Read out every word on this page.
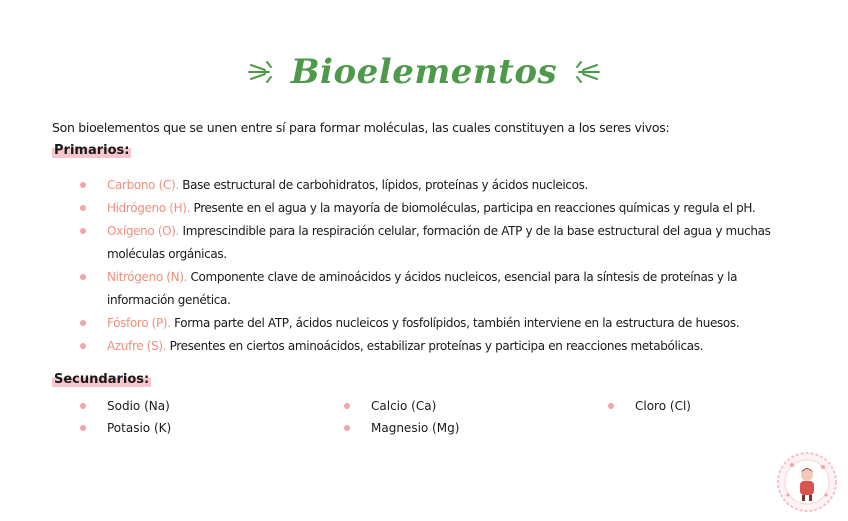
Bioelementos
Son bioelementos que se unen entre sí para formar moléculas, las cuales constituyen a los seres vivos:
Primarios:
Carbono (C). Base estructural de carbohidratos, lípidos, proteínas y ácidos nucleicos.
Hidrógeno (H). Presente en el agua y la mayoría de biomoléculas, participa en reacciones químicas y regula el pH.
Oxígeno (O). Imprescindible para la respiración celular, formación de ATP y de la base estructural del agua y muchas moléculas orgánicas.
Nitrógeno (N). Componente clave de aminoácidos y ácidos nucleicos, esencial para la síntesis de proteínas y la información genética.
Fósforo (P). Forma parte del ATP, ácidos nucleicos y fosfolípidos, también interviene en la estructura de huesos.
Azufre (S). Presentes en ciertos aminoácidos, estabilizar proteínas y participa en reacciones metabólicas.
Secundarios:
Sodio (Na)
Potasio (K)
Calcio (Ca)
Magnesio (Mg)
Cloro (Cl)
